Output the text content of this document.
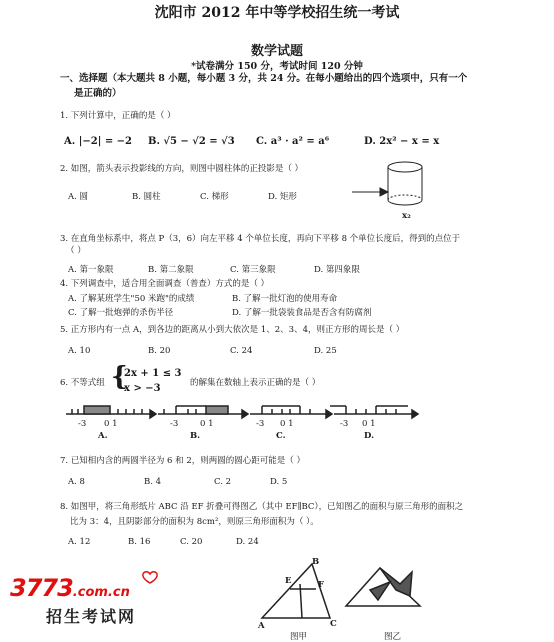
沈阳市 2012 年中等学校招生统一考试
数学试题
*试卷满分 150 分，考试时间 120 分钟
一、选择题（本大题共 8 小题，每小题 3 分，共 24 分。在每小题给出的四个选项中，只有一个
是正确的）
1. 下列计算中，正确的是（ ）
A. |−2| = −2 B. √5 − √2 = √3 C. a³ · a² = a⁶	D. 2x² − x = x
2. 如图，箭头表示投影线的方向，则图中圆柱体的正投影是（ ）
A. 圆	B. 圆柱	C. 梯形	D. 矩形
x₂
3. 在直角坐标系中，将点 P（3，6）向左平移 4 个单位长度，再向下平移 8 个单位长度后，得到的点位于
（ ）
A. 第一象限	B. 第二象限	C. 第三象限	D. 第四象限
4. 下列调查中，适合用全面调查（普查）方式的是（ ）
A. 了解某班学生"50 米跑"的成绩	B. 了解一批灯泡的使用寿命
C. 了解一批炮弹的杀伤半径	D. 了解一批袋装食品是否含有防腐剂
5. 正方形内有一点 A，到各边的距离从小到大依次是 1、2、3、4，则正方形的周长是（ ）
A. 10	B. 20	C. 24	D. 25
6. 不等式组 {
2x + 1 ≤ 3
x > −3	的解集在数轴上表示正确的是（ ）
-3 0 1	-3	0 1	-3 0 1	-3 0 1
A.	B.	C.	D.
7. 已知相内含的两圆半径为 6 和 2，则两圆的圆心距可能是（ ）
A. 8	B. 4	C. 2	D. 5
8. 如图甲，将三角形纸片 ABC 沿 EF 折叠可得图乙（其中 EF∥BC），已知图乙的面积与原三角形的面积之
比为 3：4，且阴影部分的面积为 8cm²，则原三角形面积为（ ）。
A. 12	B. 16	C. 20	D. 24
B
E	F
A	C
图甲	图乙
3773.com.cn
招生考试网
